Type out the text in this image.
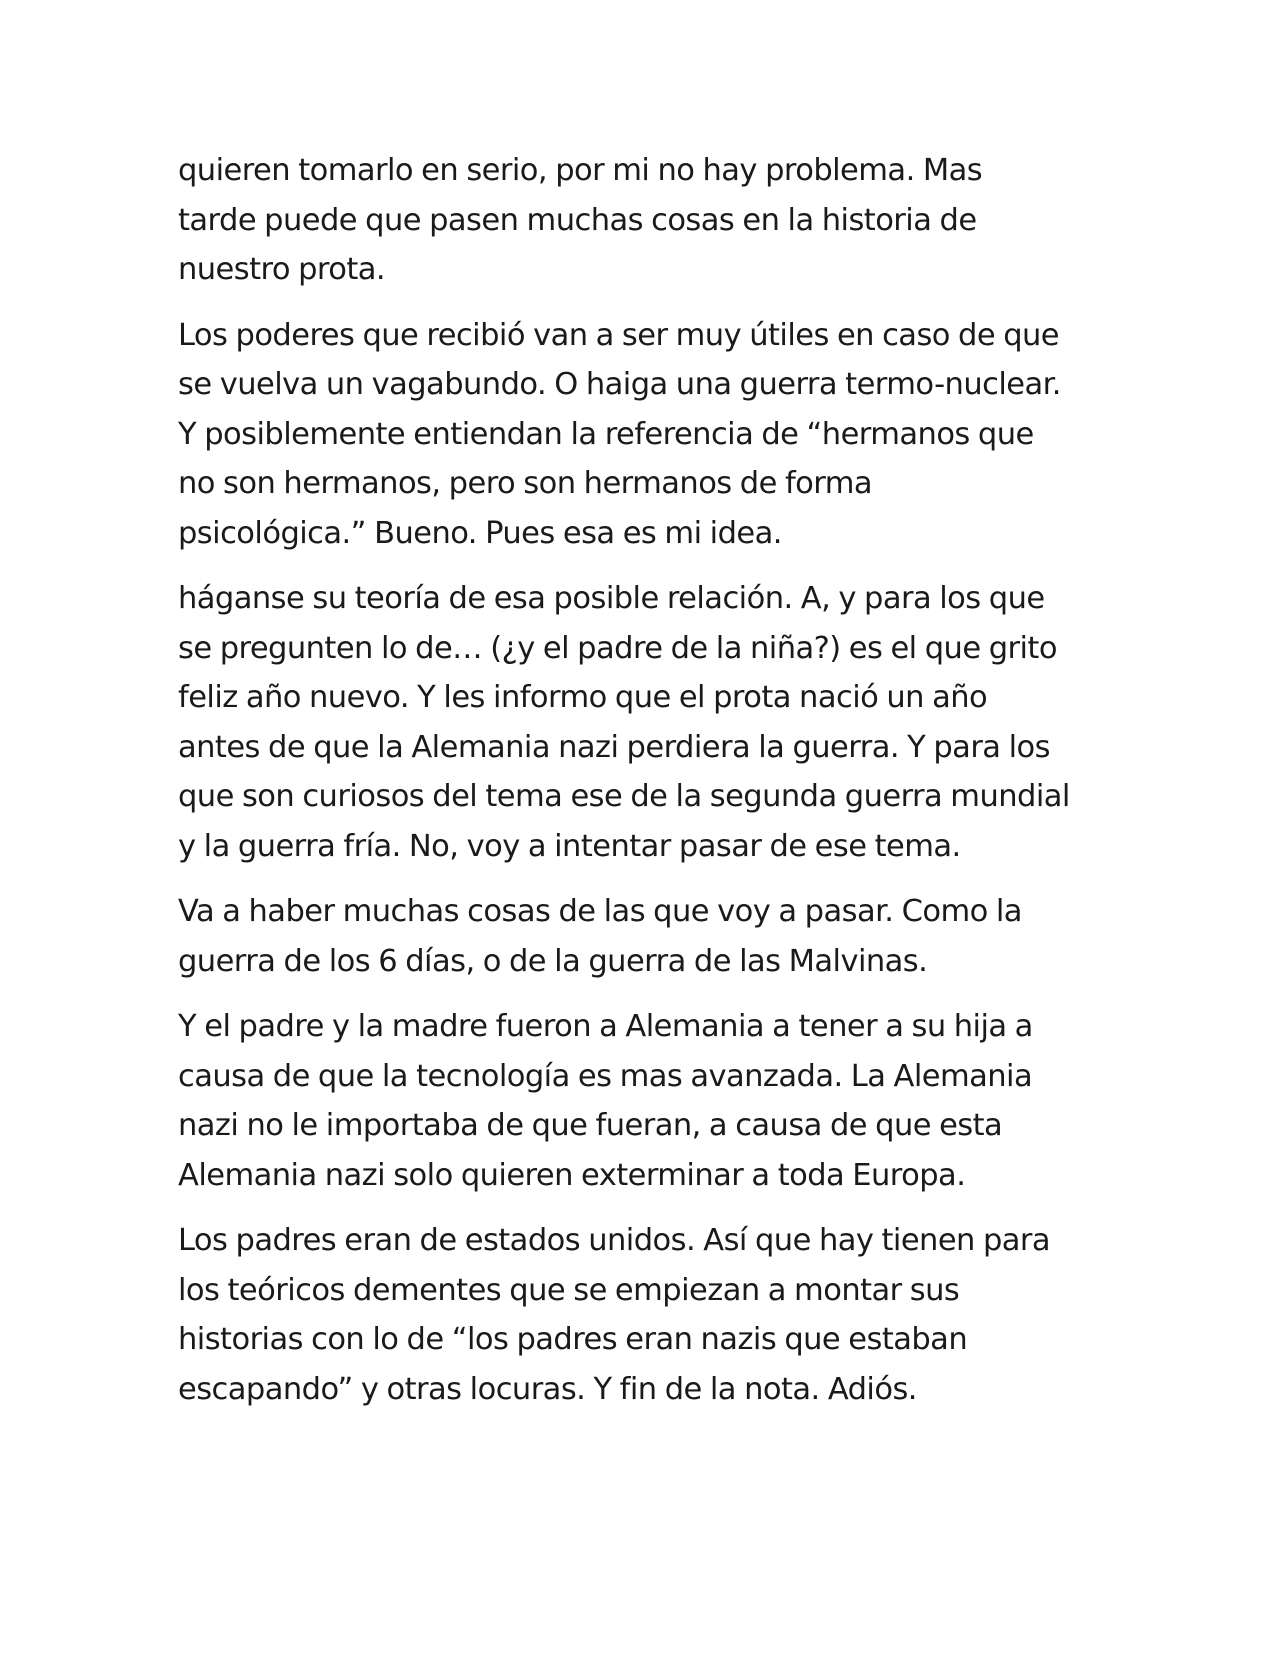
quieren tomarlo en serio, por mi no hay problema. Mas
tarde puede que pasen muchas cosas en la historia de
nuestro prota.

Los poderes que recibió van a ser muy útiles en caso de que
se vuelva un vagabundo. O haiga una guerra termo-nuclear.
Y posiblemente entiendan la referencia de “hermanos que
no son hermanos, pero son hermanos de forma
psicológica.” Bueno. Pues esa es mi idea.

háganse su teoría de esa posible relación. A, y para los que
se pregunten lo de… (¿y el padre de la niña?) es el que grito
feliz año nuevo. Y les informo que el prota nació un año
antes de que la Alemania nazi perdiera la guerra. Y para los
que son curiosos del tema ese de la segunda guerra mundial
y la guerra fría. No, voy a intentar pasar de ese tema.

Va a haber muchas cosas de las que voy a pasar. Como la
guerra de los 6 días, o de la guerra de las Malvinas.

Y el padre y la madre fueron a Alemania a tener a su hija a
causa de que la tecnología es mas avanzada. La Alemania
nazi no le importaba de que fueran, a causa de que esta
Alemania nazi solo quieren exterminar a toda Europa.

Los padres eran de estados unidos. Así que hay tienen para
los teóricos dementes que se empiezan a montar sus
historias con lo de “los padres eran nazis que estaban
escapando” y otras locuras. Y fin de la nota. Adiós.
